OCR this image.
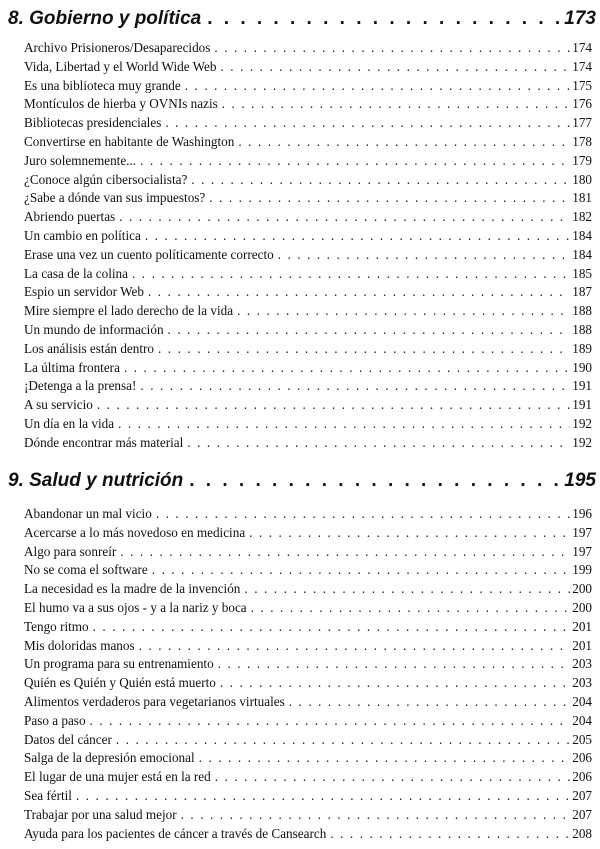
8. Gobierno y política . . .	173
Archivo Prisioneros/Desaparecidos . . .	174
Vida, Libertad y el World Wide Web . . .	174
Es una biblioteca muy grande . . .	175
Montículos de hierba y OVNIs nazis . . .	176
Bibliotecas presidenciales . . .	177
Convertirse en habitante de Washington . . .	178
Juro solemnemente... . . .	179
¿Conoce algún cibersocialista? . . .	180
¿Sabe a dónde van sus impuestos? . . .	181
Abriendo puertas . . .	182
Un cambio en política . . .	184
Erase una vez un cuento políticamente correcto . . .	184
La casa de la colina . . .	185
Espio un servidor Web . . .	187
Mire siempre el lado derecho de la vida . . .	188
Un mundo de información . . .	188
Los análisis están dentro . . .	189
La última frontera . . .	190
¡Detenga a la prensa! . . .	191
A su servicio . . .	191
Un día en la vida . . .	192
Dónde encontrar más material . . .	192
9. Salud y nutrición . . .	195
Abandonar un mal vicio . . .	196
Acercarse a lo más novedoso en medicina . . .	197
Algo para sonreír . . .	197
No se coma el software . . .	199
La necesidad es la madre de la invención . . .	200
El humo va a sus ojos - y a la nariz y boca . . .	200
Tengo ritmo . . .	201
Mis doloridas manos . . .	201
Un programa para su entrenamiento . . .	203
Quién es Quién y Quién está muerto . . .	203
Alimentos verdaderos para vegetarianos virtuales . . .	204
Paso a paso . . .	204
Datos del cáncer . . .	205
Salga de la depresión emocional . . .	206
El lugar de una mujer está en la red . . .	206
Sea fértil . . .	207
Trabajar por una salud mejor . . .	207
Ayuda para los pacientes de cáncer a través de Cansearch . . .	208
